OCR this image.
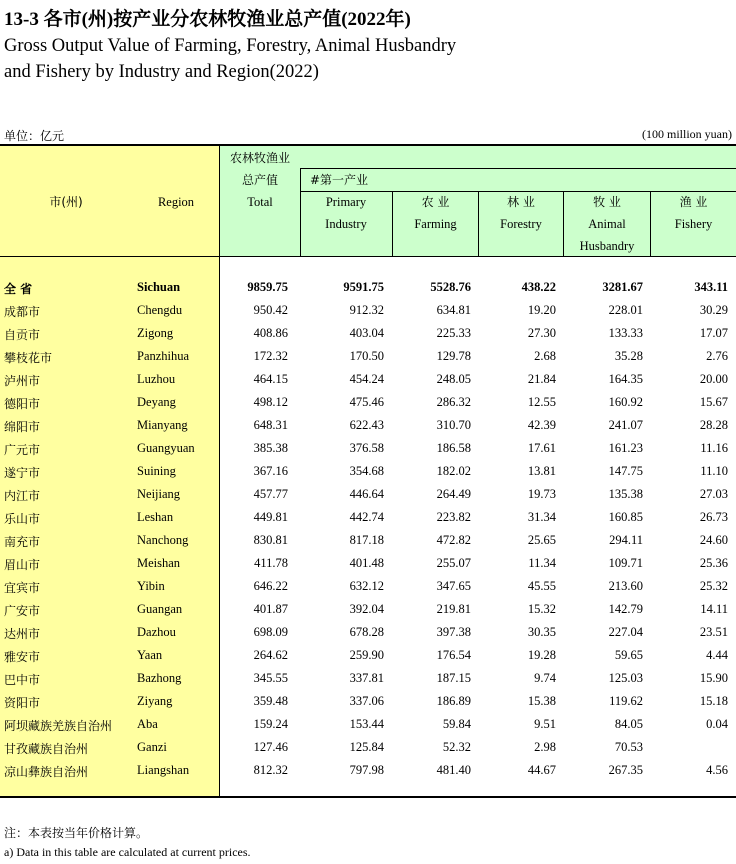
13-3 各市(州)按产业分农林牧渔业总产值(2022年)
Gross Output Value of Farming, Forestry, Animal Husbandry
and Fishery by Industry and Region(2022)
单位：亿元	(100 million yuan)
市(州)	Region
农林牧渔业
总产值
Total
#第一产业
Primary
Industry
农 业
Farming
林 业
Forestry
牧 业
Animal
Husbandry
渔 业
Fishery
全 省	Sichuan	9859.75	9591.75	5528.76	438.22	3281.67	343.11
成都市	Chengdu	950.42	912.32	634.81	19.20	228.01	30.29
自贡市	Zigong	408.86	403.04	225.33	27.30	133.33	17.07
攀枝花市	Panzhihua	172.32	170.50	129.78	2.68	35.28	2.76
泸州市	Luzhou	464.15	454.24	248.05	21.84	164.35	20.00
德阳市	Deyang	498.12	475.46	286.32	12.55	160.92	15.67
绵阳市	Mianyang	648.31	622.43	310.70	42.39	241.07	28.28
广元市	Guangyuan	385.38	376.58	186.58	17.61	161.23	11.16
遂宁市	Suining	367.16	354.68	182.02	13.81	147.75	11.10
内江市	Neijiang	457.77	446.64	264.49	19.73	135.38	27.03
乐山市	Leshan	449.81	442.74	223.82	31.34	160.85	26.73
南充市	Nanchong	830.81	817.18	472.82	25.65	294.11	24.60
眉山市	Meishan	411.78	401.48	255.07	11.34	109.71	25.36
宜宾市	Yibin	646.22	632.12	347.65	45.55	213.60	25.32
广安市	Guangan	401.87	392.04	219.81	15.32	142.79	14.11
达州市	Dazhou	698.09	678.28	397.38	30.35	227.04	23.51
雅安市	Yaan	264.62	259.90	176.54	19.28	59.65	4.44
巴中市	Bazhong	345.55	337.81	187.15	9.74	125.03	15.90
资阳市	Ziyang	359.48	337.06	186.89	15.38	119.62	15.18
阿坝藏族羌族自治州 Aba	159.24	153.44	59.84	9.51	84.05	0.04
甘孜藏族自治州	Ganzi	127.46	125.84	52.32	2.98	70.53
凉山彝族自治州	Liangshan	812.32	797.98	481.40	44.67	267.35	4.56
注：本表按当年价格计算。
a) Data in this table are calculated at current prices.
